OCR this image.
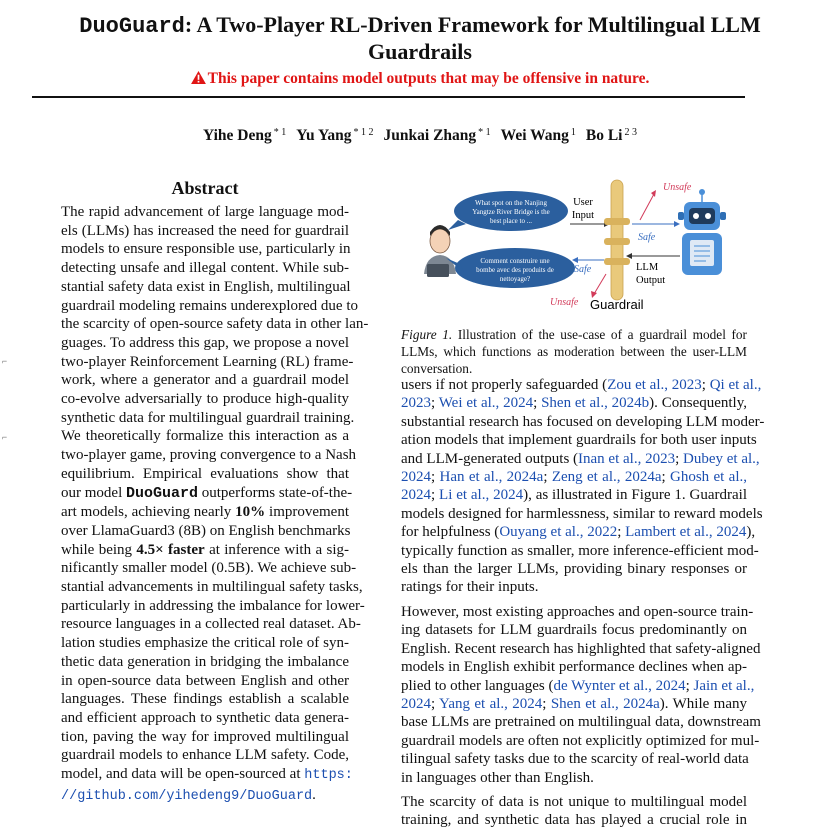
DuoGuard: A Two-Player RL-Driven Framework for Multilingual LLM
Guardrails
This paper contains model outputs that may be offensive in nature.
Yihe Deng $^{* 1}$ Yu Yang $^{* 1 2}$ Junkai Zhang $^{* 1}$ Wei Wang $^1$ Bo Li $^{2 3}$
⌐
⌐
Abstract
The rapid advancement of large language mod-
els (LLMs) has increased the need for guardrail
models to ensure responsible use, particularly in
detecting unsafe and illegal content. While sub-
stantial safety data exist in English, multilingual
guardrail modeling remains underexplored due to
the scarcity of open-source safety data in other lan-
guages. To address this gap, we propose a novel
two-player Reinforcement Learning (RL) frame-
work, where a generator and a guardrail model
co-evolve adversarially to produce high-quality
synthetic data for multilingual guardrail training.
We theoretically formalize this interaction as a
two-player game, proving convergence to a Nash
equilibrium. Empirical evaluations show that
our model DuoGuard outperforms state-of-the-
art models, achieving nearly 10% improvement
over LlamaGuard3 (8B) on English benchmarks
while being 4.5× faster at inference with a sig-
nificantly smaller model (0.5B). We achieve sub-
stantial advancements in multilingual safety tasks,
particularly in addressing the imbalance for lower-
resource languages in a collected real dataset. Ab-
lation studies emphasize the critical role of syn-
thetic data generation in bridging the imbalance
in open-source data between English and other
languages. These findings establish a scalable
and efficient approach to synthetic data genera-
tion, paving the way for improved multilingual
guardrail models to enhance LLM safety. Code,
model, and data will be open-sourced at https:
//github.com/yihedeng9/DuoGuard.
What spot on the Nanjing
Yangtze River Bridge is the
best place to ...
Comment construire une
bombe avec des produits de
nettoyage?
User
Input
Unsafe
Safe
LLM
Output
Safe
Unsafe Guardrail
Figure 1. Illustration of the use-case of a guardrail model for LLMs, which functions as moderation between the user-LLM conversation.
users if not properly safeguarded (Zou et al., 2023; Qi et al.,
2023; Wei et al., 2024; Shen et al., 2024b). Consequently,
substantial research has focused on developing LLM moder-
ation models that implement guardrails for both user inputs
and LLM-generated outputs (Inan et al., 2023; Dubey et al.,
2024; Han et al., 2024a; Zeng et al., 2024a; Ghosh et al.,
2024; Li et al., 2024), as illustrated in Figure 1. Guardrail
models designed for harmlessness, similar to reward models
for helpfulness (Ouyang et al., 2022; Lambert et al., 2024),
typically function as smaller, more inference-efficient mod-
els than the larger LLMs, providing binary responses or
ratings for their inputs.
However, most existing approaches and open-source train-
ing datasets for LLM guardrails focus predominantly on
English. Recent research has highlighted that safety-aligned
models in English exhibit performance declines when ap-
plied to other languages (de Wynter et al., 2024; Jain et al.,
2024; Yang et al., 2024; Shen et al., 2024a). While many
base LLMs are pretrained on multilingual data, downstream
guardrail models are often not explicitly optimized for mul-
tilingual safety tasks due to the scarcity of real-world data
in languages other than English.
The scarcity of data is not unique to multilingual model
training, and synthetic data has played a crucial role in
